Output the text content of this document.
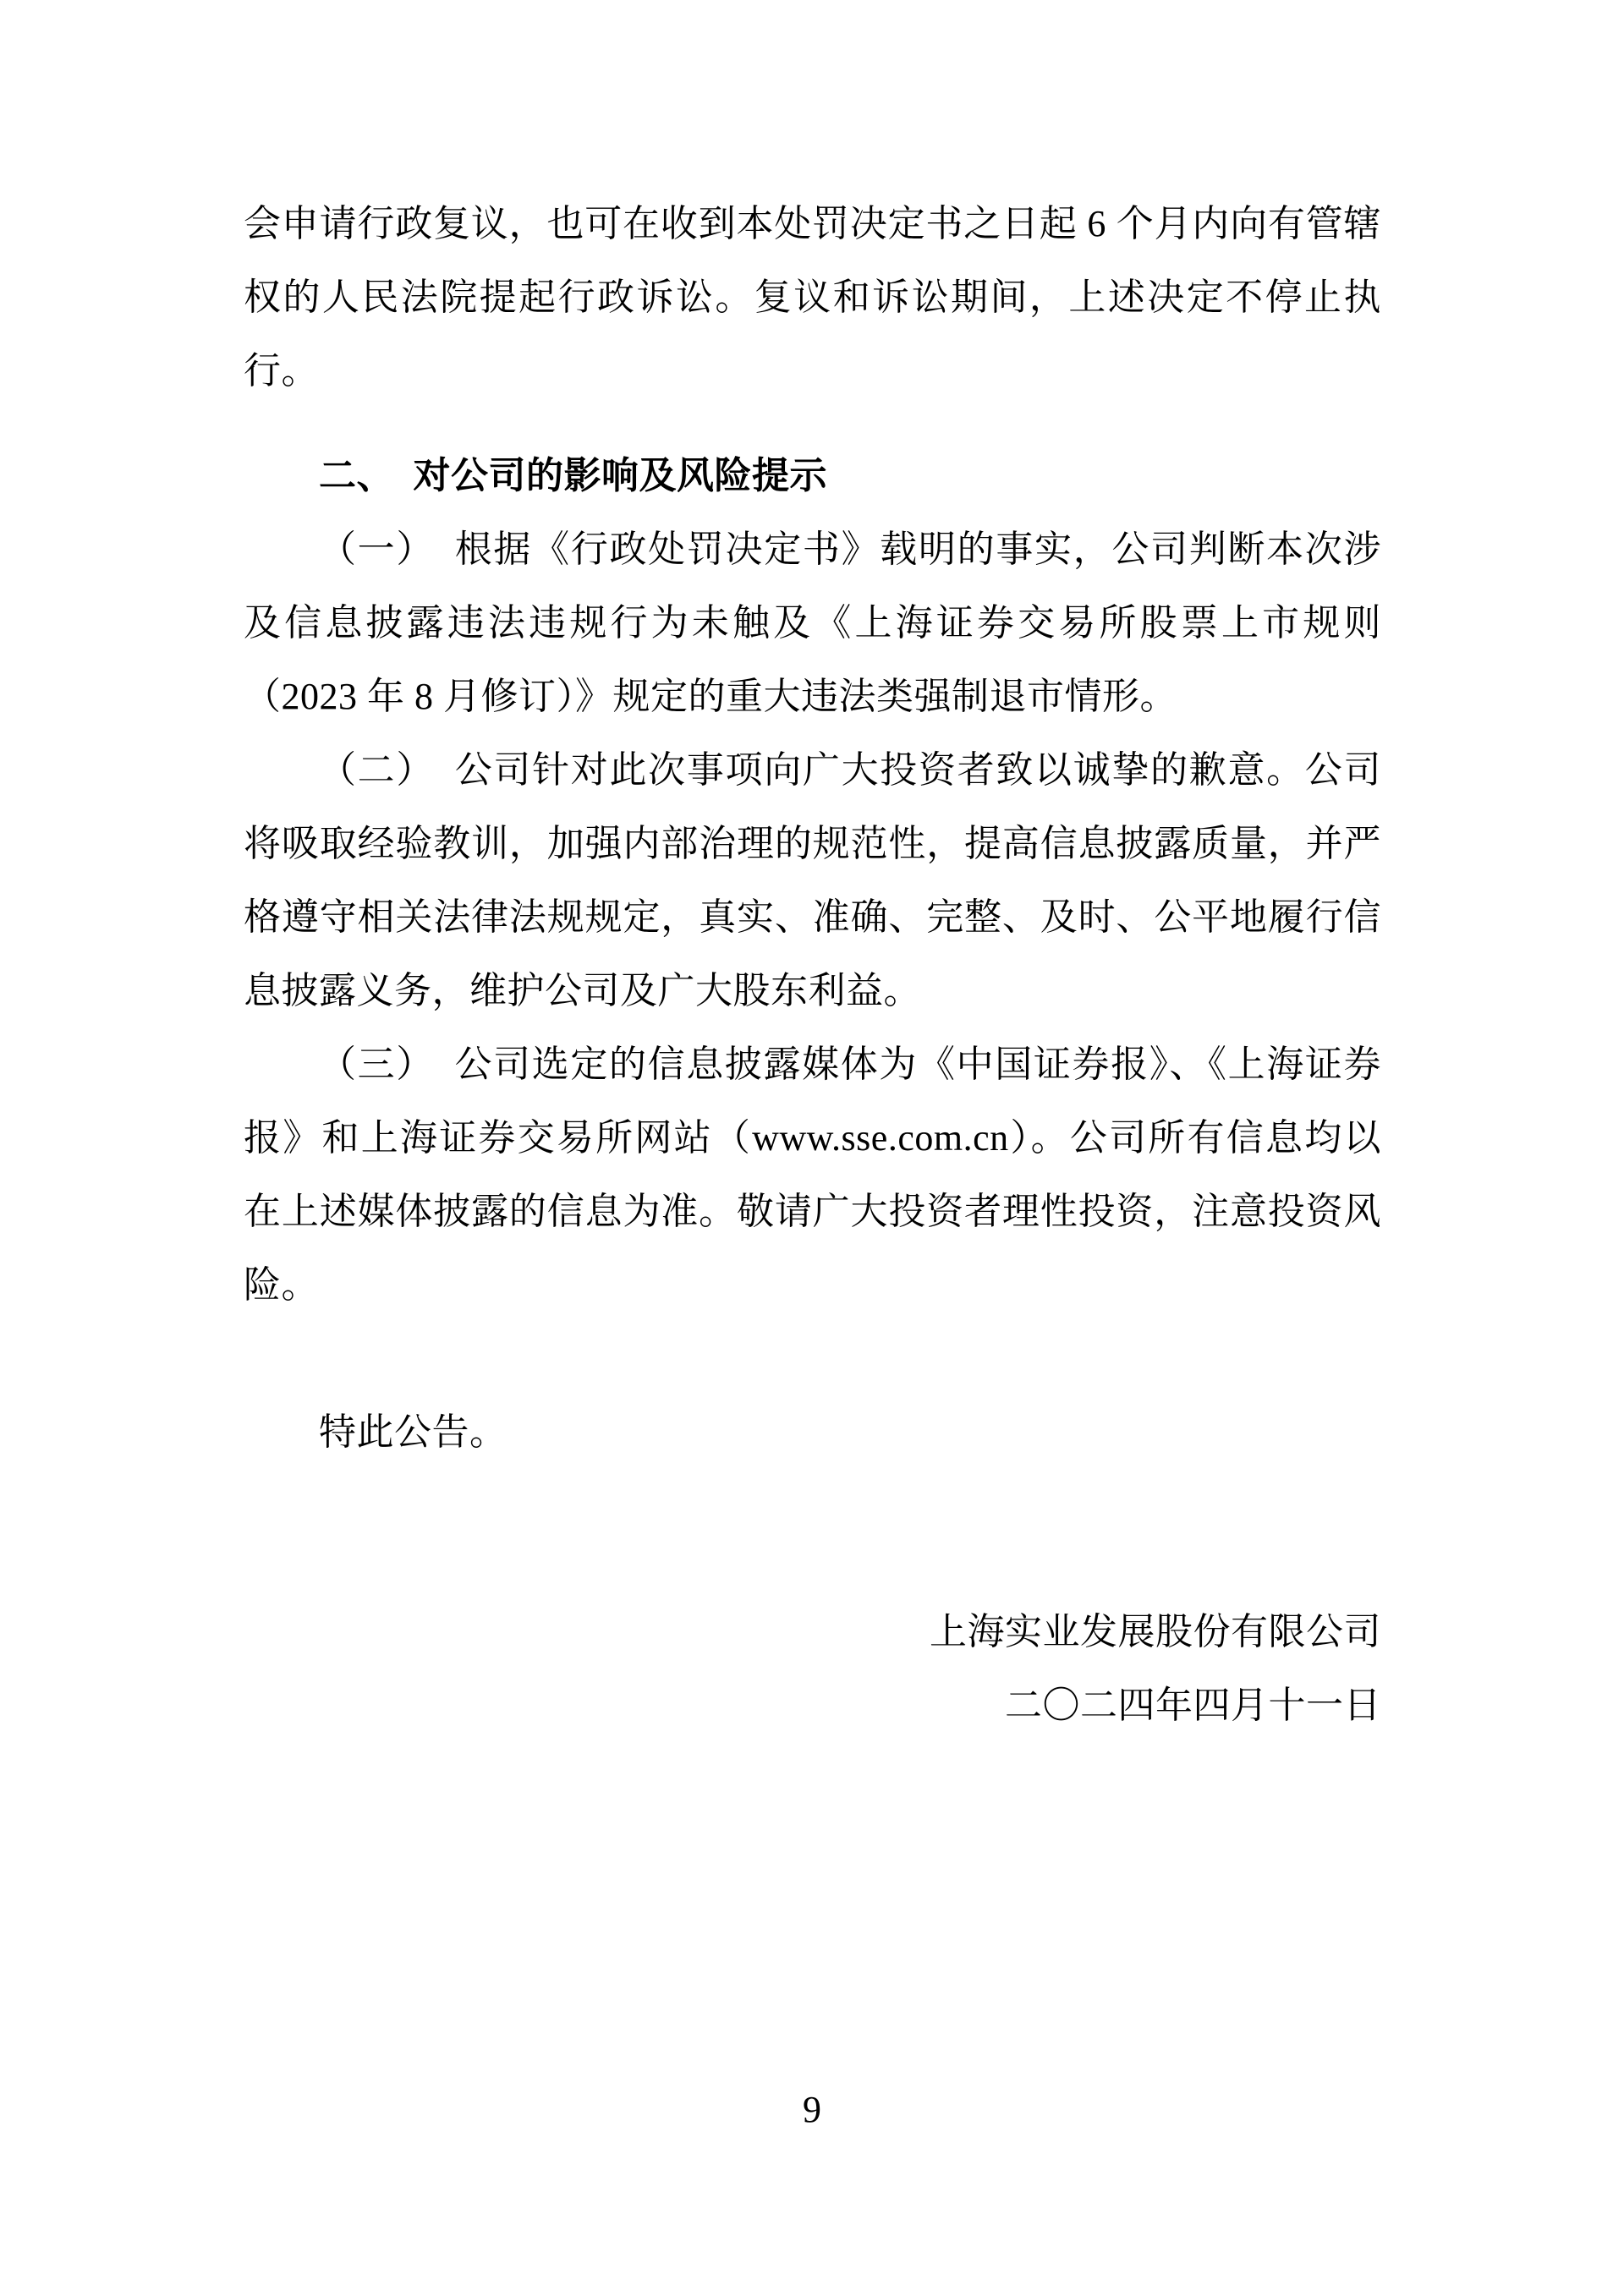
会申请行政复议，也可在收到本处罚决定书之日起 6 个月内向有管辖权的人民法院提起行政诉讼。复议和诉讼期间，上述决定不停止执行。

二、　对公司的影响及风险提示

（一）　根据《行政处罚决定书》载明的事实，公司判断本次涉及信息披露违法违规行为未触及《上海证券交易所股票上市规则（2023 年 8 月修订）》规定的重大违法类强制退市情形。

（二）　公司针对此次事项向广大投资者致以诚挚的歉意。公司将吸取经验教训，加强内部治理的规范性，提高信息披露质量，并严格遵守相关法律法规规定，真实、准确、完整、及时、公平地履行信息披露义务，维护公司及广大股东利益。

（三）　公司选定的信息披露媒体为《中国证券报》、《上海证券报》和上海证券交易所网站（www.sse.com.cn）。公司所有信息均以在上述媒体披露的信息为准。敬请广大投资者理性投资，注意投资风险。

特此公告。

上海实业发展股份有限公司

二〇二四年四月十一日

9
